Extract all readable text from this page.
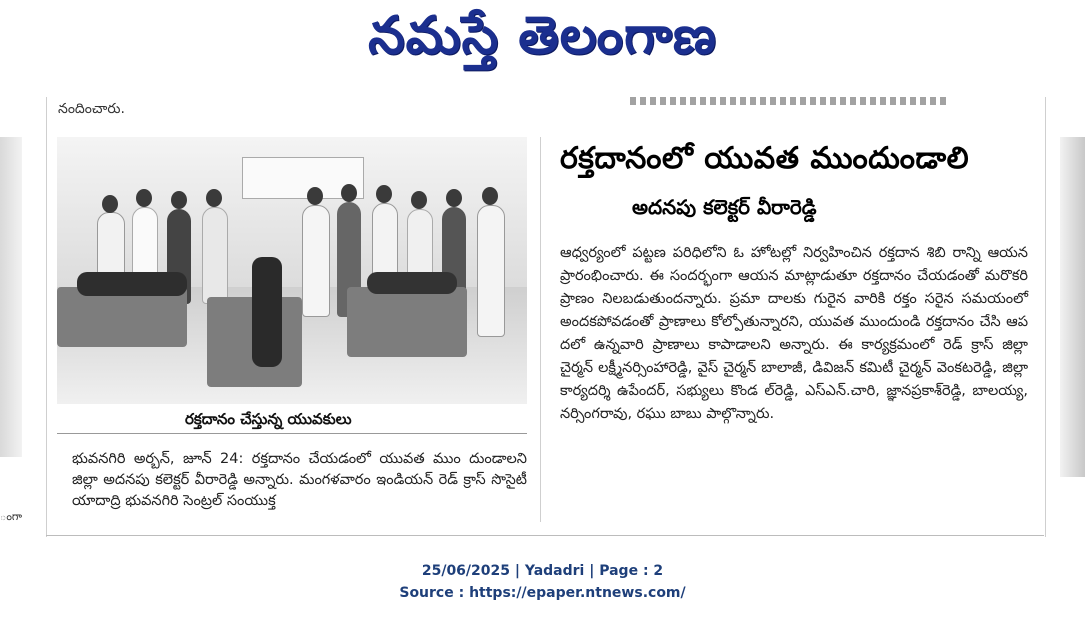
నమస్తే తెలంగాణ
ంగా
నందించారు.
రక్తదానం చేస్తున్న యువకులు
భువనగిరి అర్బన్, జూన్ 24: రక్తదానం చేయడంలో యువత ముం దుండాలని జిల్లా అదనపు కలెక్టర్ వీరారెడ్డి అన్నారు. మంగళవారం ఇండియన్ రెడ్ క్రాస్ సొసైటీ యాదాద్రి భువనగిరి సెంట్రల్ సంయుక్త
రక్తదానంలో యువత ముందుండాలి
అదనపు కలెక్టర్ వీరారెడ్డి
ఆధ్వర్యంలో పట్టణ పరిధిలోని ఓ హోటల్లో నిర్వహించిన రక్తదాన శిబి రాన్ని ఆయన ప్రారంభించారు. ఈ సందర్భంగా ఆయన మాట్లాడుతూ రక్తదానం చేయడంతో మరొకరి ప్రాణం నిలబడుతుందన్నారు. ప్రమా దాలకు గురైన వారికి రక్తం సరైన సమయంలో అందకపోవడంతో ప్రాణాలు కోల్పోతున్నారని, యువత ముందుండి రక్తదానం చేసి ఆప దలో ఉన్నవారి ప్రాణాలు కాపాడాలని అన్నారు. ఈ కార్యక్రమంలో రెడ్ క్రాస్ జిల్లా చైర్మన్ లక్ష్మీనర్సింహారెడ్డి, వైస్ చైర్మన్ బాలాజీ, డివిజన్ కమిటీ చైర్మన్ వెంకటరెడ్డి, జిల్లా కార్యదర్శి ఉపేందర్, సభ్యులు కొండ ల్‌రెడ్డి, ఎస్ఎన్.చారి, జ్ఞానప్రకాశ్‌రెడ్డి, బాలయ్య, నర్సింగరావు, రఘు బాబు పాల్గొన్నారు.
25/06/2025 | Yadadri | Page : 2
Source : https://epaper.ntnews.com/
